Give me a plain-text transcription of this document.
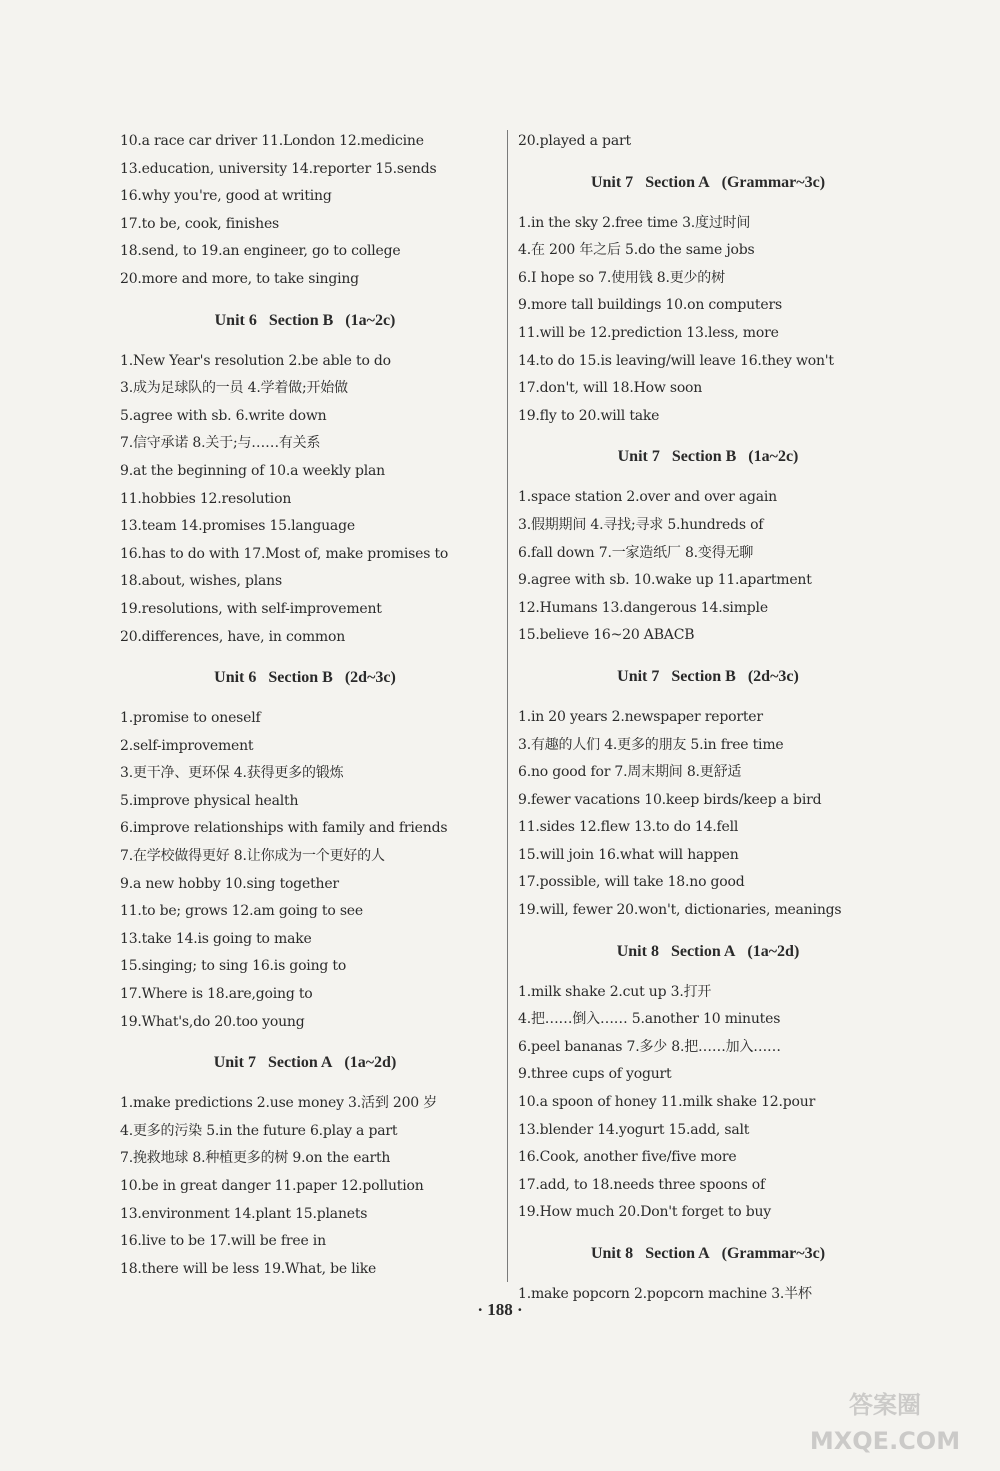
10.a race car driver 11.London 12.medicine
13.education, university 14.reporter 15.sends
16.why you're, good at writing
17.to be, cook, finishes
18.send, to 19.an engineer, go to college
20.more and more, to take singing
Unit 6 Section B (1a~2c)
1.New Year's resolution 2.be able to do
3.成为足球队的一员 4.学着做;开始做
5.agree with sb. 6.write down
7.信守承诺 8.关于;与……有关系
9.at the beginning of 10.a weekly plan
11.hobbies 12.resolution
13.team 14.promises 15.language
16.has to do with 17.Most of, make promises to
18.about, wishes, plans
19.resolutions, with self-improvement
20.differences, have, in common
Unit 6 Section B (2d~3c)
1.promise to oneself
2.self-improvement
3.更干净、更环保 4.获得更多的锻炼
5.improve physical health
6.improve relationships with family and friends
7.在学校做得更好 8.让你成为一个更好的人
9.a new hobby 10.sing together
11.to be; grows 12.am going to see
13.take 14.is going to make
15.singing; to sing 16.is going to
17.Where is 18.are,going to
19.What's,do 20.too young
Unit 7 Section A (1a~2d)
1.make predictions 2.use money 3.活到 200 岁
4.更多的污染 5.in the future 6.play a part
7.挽救地球 8.种植更多的树 9.on the earth
10.be in great danger 11.paper 12.pollution
13.environment 14.plant 15.planets
16.live to be 17.will be free in
18.there will be less 19.What, be like
20.played a part
Unit 7 Section A (Grammar~3c)
1.in the sky 2.free time 3.度过时间
4.在 200 年之后 5.do the same jobs
6.I hope so 7.使用钱 8.更少的树
9.more tall buildings 10.on computers
11.will be 12.prediction 13.less, more
14.to do 15.is leaving/will leave 16.they won't
17.don't, will 18.How soon
19.fly to 20.will take
Unit 7 Section B (1a~2c)
1.space station 2.over and over again
3.假期期间 4.寻找;寻求 5.hundreds of
6.fall down 7.一家造纸厂 8.变得无聊
9.agree with sb. 10.wake up 11.apartment
12.Humans 13.dangerous 14.simple
15.believe 16~20 ABACB
Unit 7 Section B (2d~3c)
1.in 20 years 2.newspaper reporter
3.有趣的人们 4.更多的朋友 5.in free time
6.no good for 7.周末期间 8.更舒适
9.fewer vacations 10.keep birds/keep a bird
11.sides 12.flew 13.to do 14.fell
15.will join 16.what will happen
17.possible, will take 18.no good
19.will, fewer 20.won't, dictionaries, meanings
Unit 8 Section A (1a~2d)
1.milk shake 2.cut up 3.打开
4.把……倒入…… 5.another 10 minutes
6.peel bananas 7.多少 8.把……加入……
9.three cups of yogurt
10.a spoon of honey 11.milk shake 12.pour
13.blender 14.yogurt 15.add, salt
16.Cook, another five/five more
17.add, to 18.needs three spoons of
19.How much 20.Don't forget to buy
Unit 8 Section A (Grammar~3c)
1.make popcorn 2.popcorn machine 3.半杯
· 188 ·
答案圈
MXQE.COM
